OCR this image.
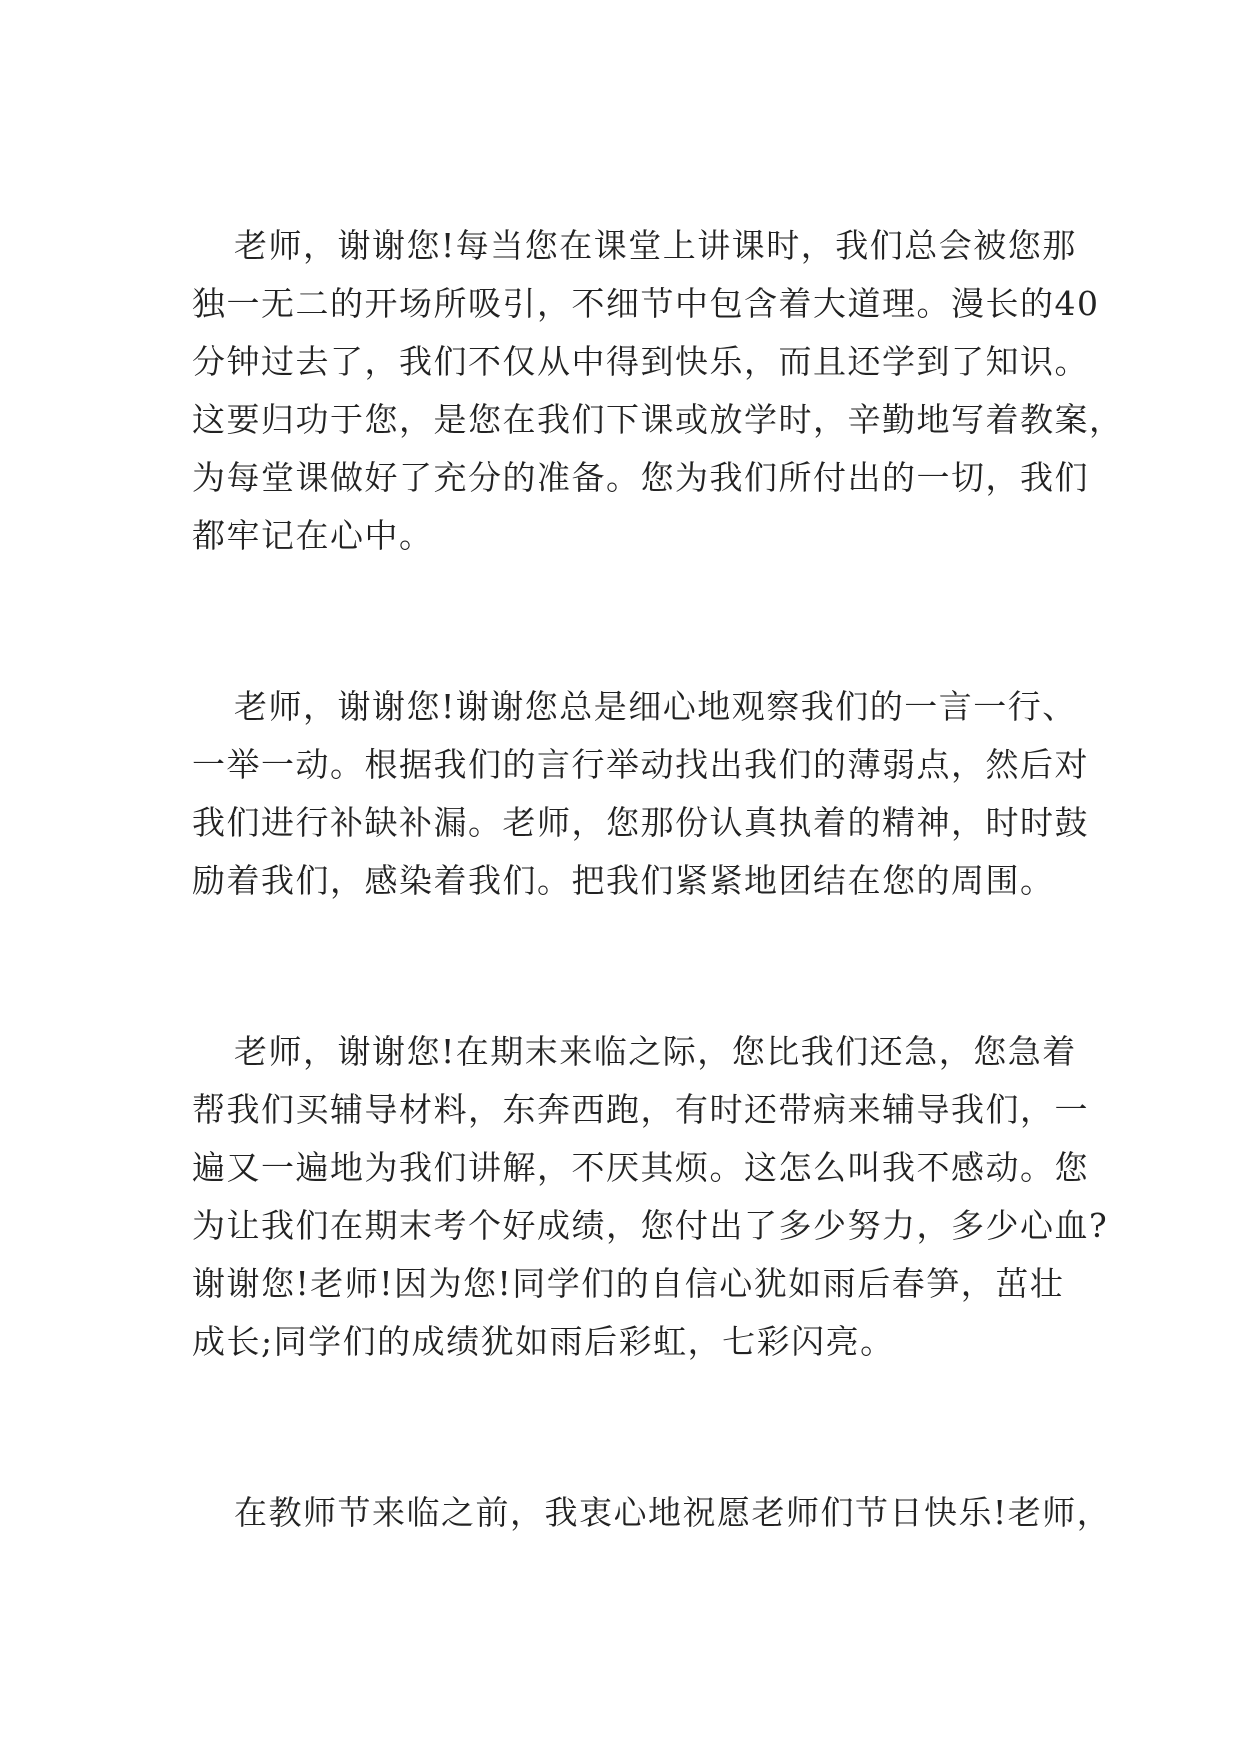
老师，谢谢您!每当您在课堂上讲课时，我们总会被您那
独一无二的开场所吸引，不细节中包含着大道理。漫长的40
分钟过去了，我们不仅从中得到快乐，而且还学到了知识。
这要归功于您，是您在我们下课或放学时，辛勤地写着教案，
为每堂课做好了充分的准备。您为我们所付出的一切，我们
都牢记在心中。
老师，谢谢您!谢谢您总是细心地观察我们的一言一行、
一举一动。根据我们的言行举动找出我们的薄弱点，然后对
我们进行补缺补漏。老师，您那份认真执着的精神，时时鼓
励着我们，感染着我们。把我们紧紧地团结在您的周围。
老师，谢谢您!在期末来临之际，您比我们还急，您急着
帮我们买辅导材料，东奔西跑，有时还带病来辅导我们，一
遍又一遍地为我们讲解，不厌其烦。这怎么叫我不感动。您
为让我们在期末考个好成绩，您付出了多少努力，多少心血?
谢谢您!老师!因为您!同学们的自信心犹如雨后春笋，茁壮
成长;同学们的成绩犹如雨后彩虹，七彩闪亮。
在教师节来临之前，我衷心地祝愿老师们节日快乐!老师，
